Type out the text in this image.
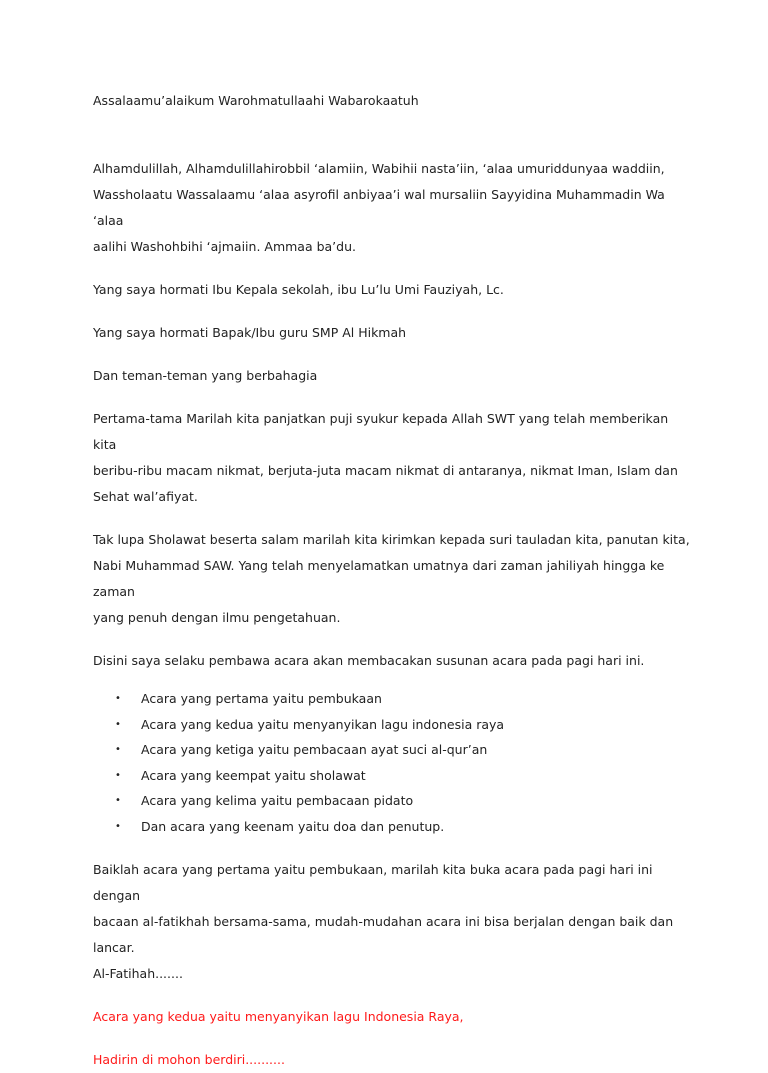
Assalaamu’alaikum Warohmatullaahi Wabarokaatuh

Alhamdulillah, Alhamdulillahirobbil ‘alamiin, Wabihii nasta’iin, ‘alaa umuriddunyaa waddiin,

Wassholaatu Wassalaamu ‘alaa asyrofil anbiyaa’i wal mursaliin Sayyidina Muhammadin Wa ‘alaa

aalihi Washohbihi ‘ajmaiin. Ammaa ba’du.

Yang saya hormati Ibu Kepala sekolah, ibu Lu’lu Umi Fauziyah, Lc.

Yang saya hormati Bapak/Ibu guru SMP Al Hikmah

Dan teman-teman yang berbahagia

Pertama-tama Marilah kita panjatkan puji syukur kepada Allah SWT yang telah memberikan kita

beribu-ribu macam nikmat, berjuta-juta macam nikmat di antaranya, nikmat Iman, Islam dan

Sehat wal’afiyat.

Tak lupa Sholawat beserta salam marilah kita kirimkan kepada suri tauladan kita, panutan kita,

Nabi Muhammad SAW. Yang telah menyelamatkan umatnya dari zaman jahiliyah hingga ke zaman

yang penuh dengan ilmu pengetahuan.

Disini saya selaku pembawa acara akan membacakan susunan acara pada pagi hari ini.

•	Acara yang pertama yaitu pembukaan
•	Acara yang kedua yaitu menyanyikan lagu indonesia raya
•	Acara yang ketiga yaitu pembacaan ayat suci al-qur’an
•	Acara yang keempat yaitu sholawat
•	Acara yang kelima yaitu pembacaan pidato
•	Dan acara yang keenam yaitu doa dan penutup.

Baiklah acara yang pertama yaitu pembukaan, marilah kita buka acara pada pagi hari ini dengan

bacaan al-fatikhah bersama-sama, mudah-mudahan acara ini bisa berjalan dengan baik dan lancar.

Al-Fatihah.......

Acara yang kedua yaitu menyanyikan lagu Indonesia Raya,

Hadirin di mohon berdiri..........
